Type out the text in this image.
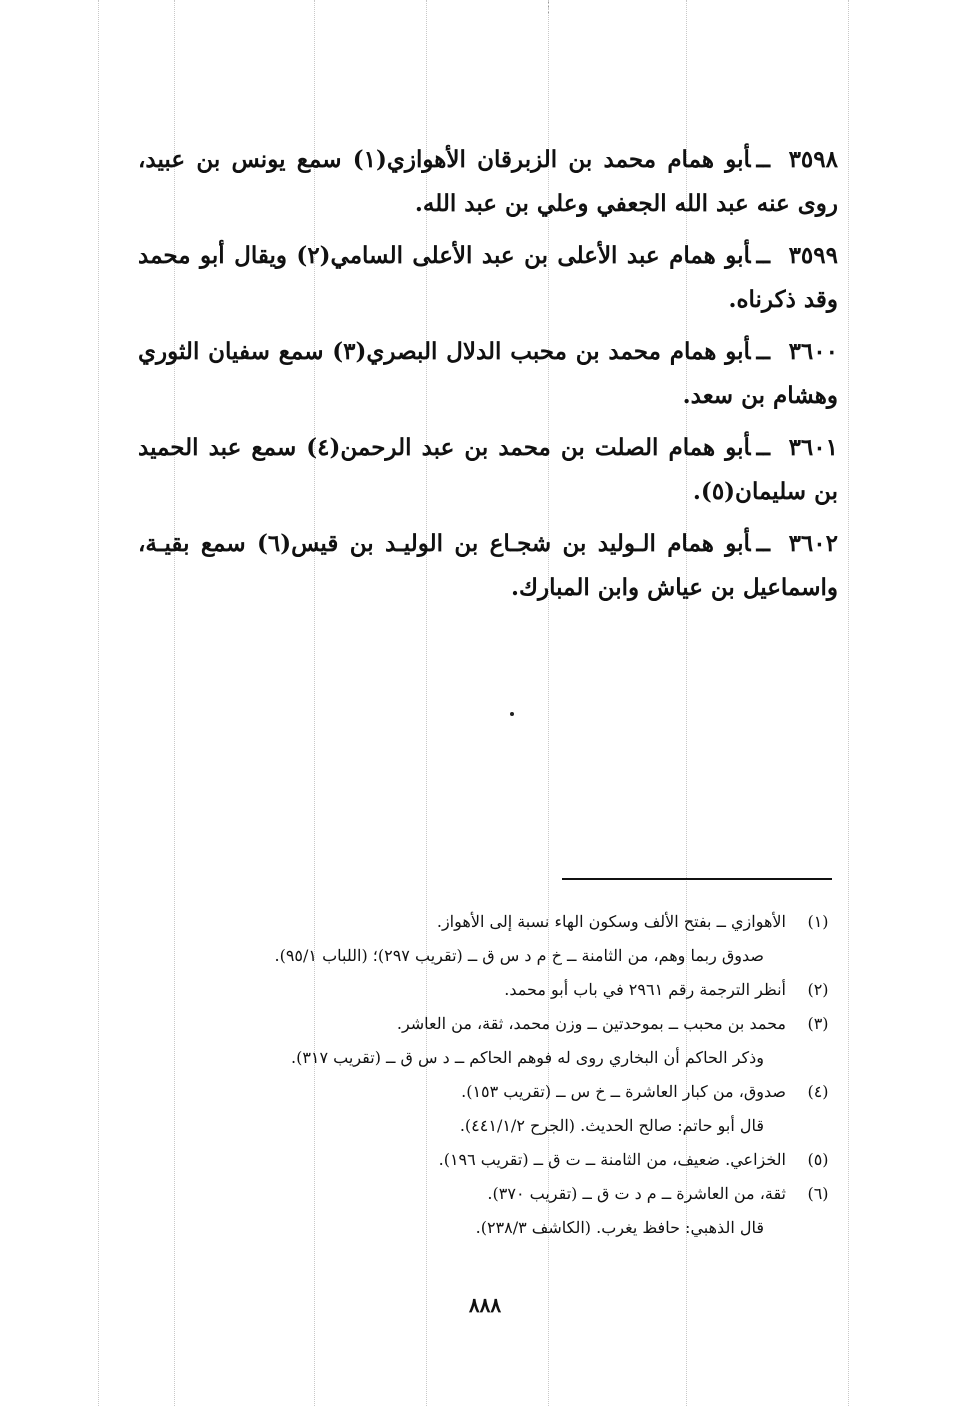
٣٥٩٨ــأبو همام محمد بن الزبرقان الأهوازي(١) سمع يونس بن عبيد، روى عنه عبد الله الجعفي وعلي بن عبد الله.
٣٥٩٩ــأبو همام عبد الأعلى بن عبد الأعلى السامي(٢) ويقال أبو محمد وقد ذكرناه.
٣٦٠٠ــأبو همام محمد بن محبب الدلال البصري(٣) سمع سفيان الثوري وهشام بن سعد.
٣٦٠١ــأبو همام الصلت بن محمد بن عبد الرحمن(٤) سمع عبد الحميد بن سليمان(٥).
٣٦٠٢ــأبو همام الـوليد بن شجـاع بن الوليـد بن قيس(٦) سمع بقيـة، واسماعيل بن عياش وابن المبارك.
(١)
الأهوازي ــ بفتح الألف وسكون الهاء نسبة إلى الأهواز.
صدوق ربما وهم، من الثامنة ــ خ م د س ق ــ (تقريب ٢٩٧)؛ (اللباب ٩٥/١).
(٢)
أنظر الترجمة رقم ٢٩٦١ في باب أبو محمد.
(٣)
محمد بن محبب ــ بموحدتين ــ وزن محمد، ثقة، من العاشر.
وذكر الحاكم أن البخاري روى له فوهم الحاكم ــ د س ق ــ (تقريب ٣١٧).
(٤)
صدوق، من كبار العاشرة ــ خ س ــ (تقريب ١٥٣).
قال أبو حاتم: صالح الحديث. (الجرح ٤٤١/١/٢).
(٥)
الخزاعي. ضعيف، من الثامنة ــ ت ق ــ (تقريب ١٩٦).
(٦)
ثقة، من العاشرة ــ م د ت ق ــ (تقريب ٣٧٠).
قال الذهبي: حافظ يغرب. (الكاشف ٢٣٨/٣).
٨٨٨
